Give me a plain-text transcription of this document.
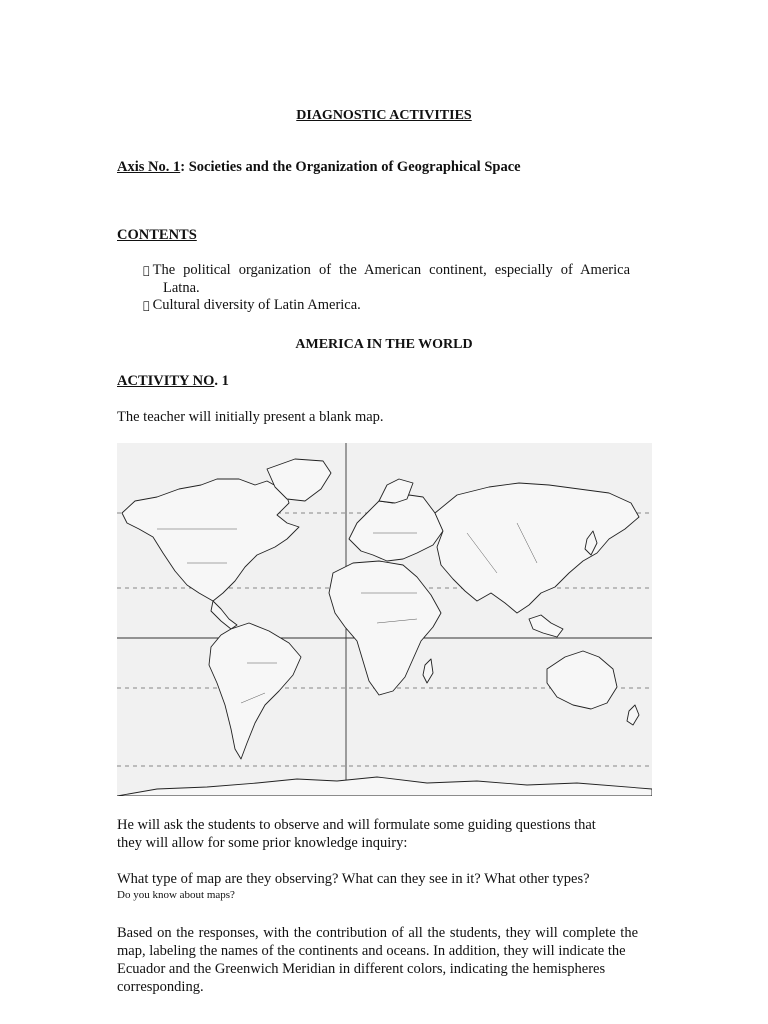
DIAGNOSTIC ACTIVITIES
Axis No. 1: Societies and the Organization of Geographical Space
CONTENTS
The political organization of the American continent, especially of America
Latna.
Cultural diversity of Latin America.
AMERICA IN THE WORLD
ACTIVITY NO. 1
The teacher will initially present a blank map.
He will ask the students to observe and will formulate some guiding questions that
they will allow for some prior knowledge inquiry:
What type of map are they observing? What can they see in it? What other types?
Do you know about maps?
Based on the responses, with the contribution of all the students, they will complete the
map, labeling the names of the continents and oceans. In addition, they will indicate the
Ecuador and the Greenwich Meridian in different colors, indicating the hemispheres
corresponding.
